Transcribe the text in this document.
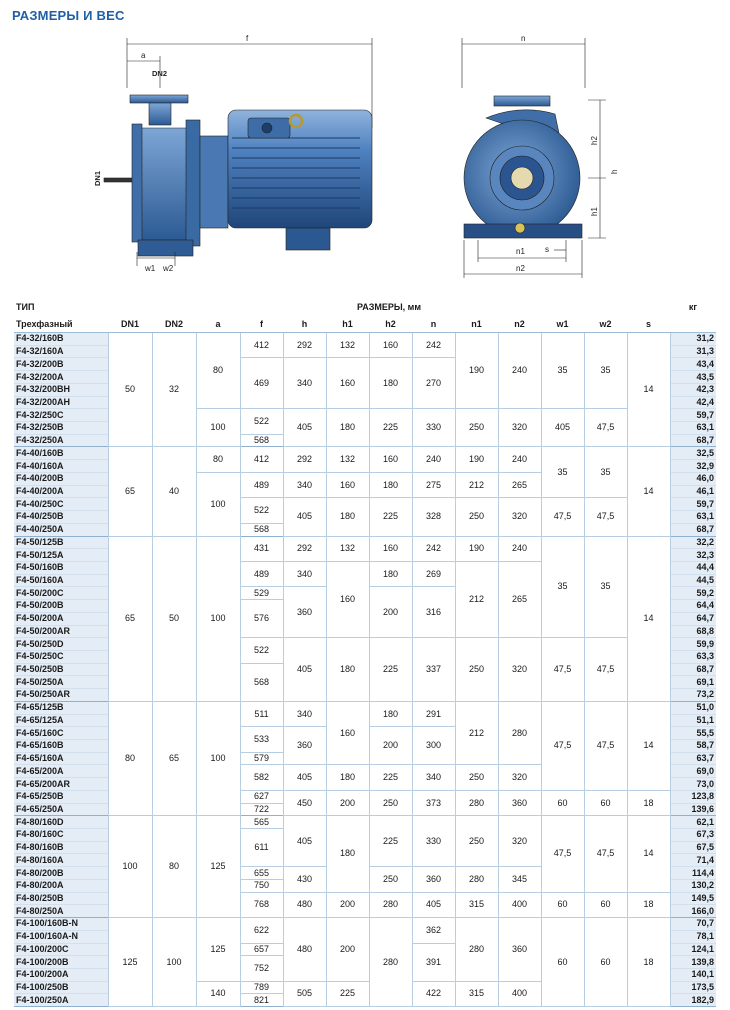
РАЗМЕРЫ И ВЕС
f
a
DN2
DN1
w1 w2
n
h
h2
h1
n1
n2
s
ТИП	РАЗМЕРЫ, мм													кг
Трехфазный	DN1	DN2	a	f	h	h1	h2	n	n1	n2	w1	w2	s	
F4-32/160B	50	32	80	412	292	132	160	242	190	240	35	35	14	31,2
F4-32/160A														31,3
F4-32/200B				469	340	160	180	270						43,4
F4-32/200A														43,5
F4-32/200BH														42,3
F4-32/200AH														42,4
F4-32/250C			100	522	405	180	225	330	250	320	405	47,5		59,7
F4-32/250B														63,1
F4-32/250A				568										68,7
F4-40/160B	65	40	80	412	292	132	160	240	190	240	35	35	14	32,5
F4-40/160A														32,9
F4-40/200B			100	489	340	160	180	275	212	265				46,0
F4-40/200A														46,1
F4-40/250C				522	405	180	225	328	250	320	47,5	47,5		59,7
F4-40/250B														63,1
F4-40/250A				568										68,7
F4-50/125B	65	50	100	431	292	132	160	242	190	240	35	35	14	32,2
F4-50/125A														32,3
F4-50/160B				489	340	160	180	269	212	265				44,4
F4-50/160A														44,5
F4-50/200C				529	360		200	316						59,2
F4-50/200B				576										64,4
F4-50/200A														64,7
F4-50/200AR														68,8
F4-50/250D				522	405	180	225	337	250	320	47,5	47,5		59,9
F4-50/250C														63,3
F4-50/250B				568										68,7
F4-50/250A														69,1
F4-50/250AR														73,2
F4-65/125B	80	65	100	511	340	160	180	291	212	280	47,5	47,5	14	51,0
F4-65/125A														51,1
F4-65/160C				533	360		200	300						55,5
F4-65/160B														58,7
F4-65/160A				579										63,7
F4-65/200A				582	405	180	225	340	250	320				69,0
F4-65/200AR														73,0
F4-65/250B				627	450	200	250	373	280	360	60	60	18	123,8
F4-65/250A				722										139,6
F4-80/160D	100	80	125	565	405	180	225	330	250	320	47,5	47,5	14	62,1
F4-80/160C				611										67,3
F4-80/160B														67,5
F4-80/160A														71,4
F4-80/200B				655	430		250	360	280	345				114,4
F4-80/200A				750										130,2
F4-80/250B				768	480	200	280	405	315	400	60	60	18	149,5
F4-80/250A														166,0
F4-100/160B-N	125	100	125	622	480	200	280	362	280	360	60	60	18	70,7
F4-100/160A-N														78,1
F4-100/200C				657				391						124,1
F4-100/200B				752										139,8
F4-100/200A														140,1
F4-100/250B			140	789	505	225		422	315	400				173,5
F4-100/250A				821										182,9
